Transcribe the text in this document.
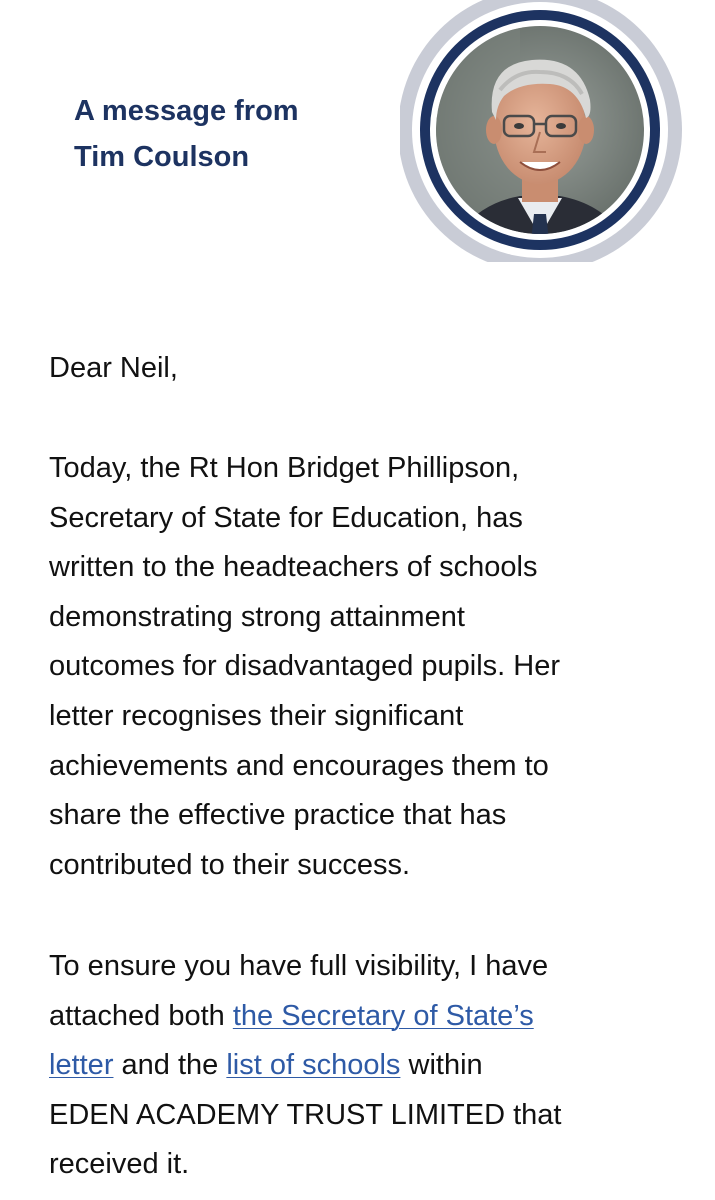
A message from
Tim Coulson

Dear Neil,

Today, the Rt Hon Bridget Phillipson,
Secretary of State for Education, has
written to the headteachers of schools
demonstrating strong attainment
outcomes for disadvantaged pupils. Her
letter recognises their significant
achievements and encourages them to
share the effective practice that has
contributed to their success.

To ensure you have full visibility, I have
attached both the Secretary of State’s
letter and the list of schools within
EDEN ACADEMY TRUST LIMITED that
received it.
